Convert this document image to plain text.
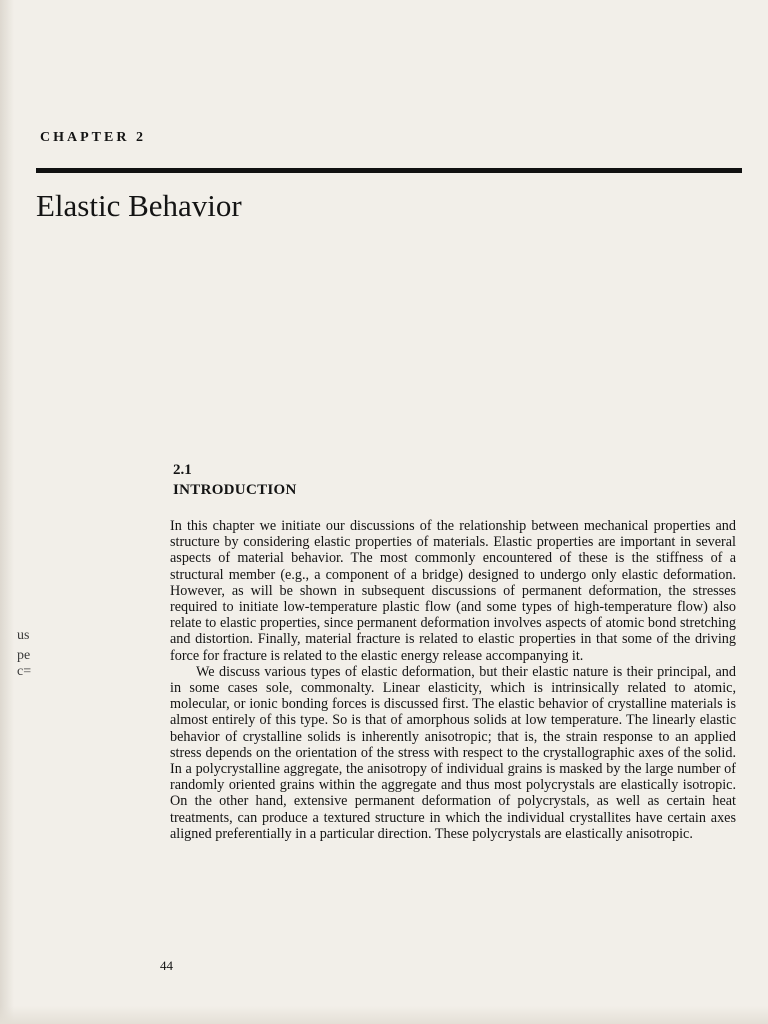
CHAPTER 2
Elastic Behavior
2.1
INTRODUCTION

In this chapter we initiate our discussions of the relationship between mechanical properties and structure by considering elastic properties of materials. Elastic properties are important in several aspects of material behavior. The most commonly encountered of these is the stiffness of a structural member (e.g., a component of a bridge) designed to undergo only elastic deformation. However, as will be shown in subsequent discussions of permanent deformation, the stresses required to initiate low-temperature plastic flow (and some types of high-temperature flow) also relate to elastic properties, since permanent deformation involves aspects of atomic bond stretching and distortion. Finally, material fracture is related to elastic properties in that some of the driving force for fracture is related to the elastic energy release accompanying it.

We discuss various types of elastic deformation, but their elastic nature is their principal, and in some cases sole, commonalty. Linear elasticity, which is intrinsically related to atomic, molecular, or ionic bonding forces is discussed first. The elastic behavior of crystalline materials is almost entirely of this type. So is that of amorphous solids at low temperature. The linearly elastic behavior of crystalline solids is inherently anisotropic; that is, the strain response to an applied stress depends on the orientation of the stress with respect to the crystallographic axes of the solid. In a polycrystalline aggregate, the anisotropy of individual grains is masked by the large number of randomly oriented grains within the aggregate and thus most polycrystals are elastically isotropic. On the other hand, extensive permanent deformation of polycrystals, as well as certain heat treatments, can produce a textured structure in which the individual crystallites have certain axes aligned preferentially in a particular direction. These polycrystals are elastically anisotropic.

44
us
pe
c=
